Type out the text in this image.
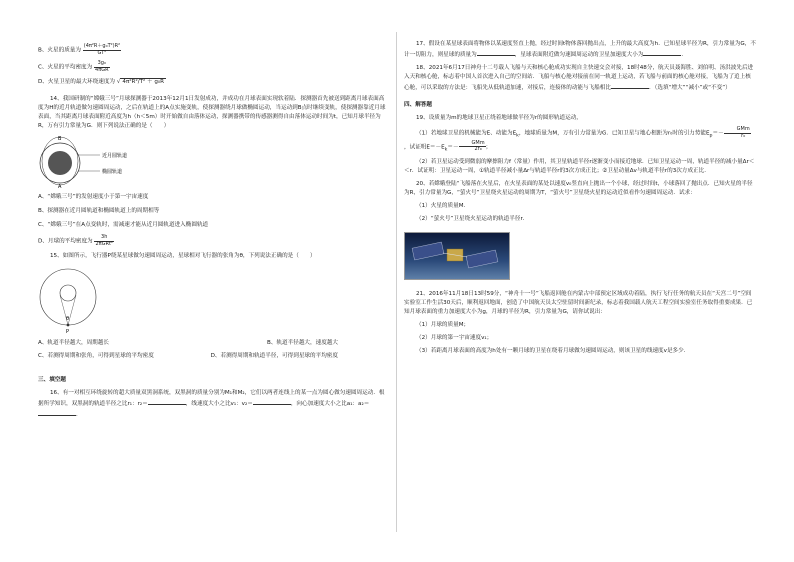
B、火星的质量为 $\frac{\text{(4π²R＋g₀T²)R²}}{\text{GT²}}$

C、火星的平均密度为 $\frac{\text{3g₀}}{\text{4πGR}}$

D、火星卫星的最大环绕速度为 √ 4π²R²/T² ＋ g₀R

14、我国研制的“嫦娥三号”月球探测器于2013年12月1日发射成功，并成功在月球表面实现软着陆．探测器首先被送到距离月球表面高度为H的近月轨道做匀速圆周运动，之后在轨道上的A点实施变轨，使探测器绕月球做椭圆运动，当运动到B点时继续变轨，使探测器靠近月球表面，当其距离月球表面附近高度为h（h＜5m）时开始做自由落体运动，探测器携带的传感器测得自由落体运动时间为t，已知月球半径为R，万有引力常量为G．则下列说法正确的是（　　）

近月圆轨道
椭圆轨道
B
A

A、“嫦娥三号”的发射速度小于第一宇宙速度

B、探测器在近月圆轨道和椭圆轨道上的周期相等

C、“嫦娥三号”在A点变轨时，需减速才能从近月圆轨道进入椭圆轨道

D、月球的平均密度为 $\frac{3h}{\text{2πGRt²}}$

15、如图所示，飞行器P绕某星球做匀速圆周运动，星球相对飞行器的张角为θ，下列说法正确的是（　　）

θ
P
A、轨道半径越大，周期越长	B、轨道半径越大，速度越大
C、若测得周期和张角，可得到星球的平均密度	D、若测得周期和轨道半径，可得到星球的平均密度

三、填空题

16、有一对相互环绕旋转的超大质量双黑洞系统，双黑洞的质量分别为M₁和M₂，它们以两者连线上的某一点为圆心做匀速圆周运动．根据所学知识，双黑洞的轨道半径之比r₁：r₂＝	，线速度大小之比v₁：v₂＝	，向心加速度大小之比a₁：a₂＝．

17、假设在某星球表面将物体以某速度竖直上抛，经过时间t物体落回抛出点，上升的最大高度为h．已知星球半径为R，引力常量为G，不计一切阻力，则星球的质量为	，星球表面附近做匀速圆周运动的卫星加速度大小为	．

18、2021年6月17日神舟十二号载人飞船与天和核心舱成功实现自主快速交会对接，18时48分，航天员聂海胜、刘伯明、汤洪波先后进入天和核心舱，标志着中国人首次进入自己的空间站．飞船与核心舱对接前在同一轨道上运动，若飞船与前面的核心舱对接，飞船为了追上核心舱，可以采取的方法是：飞船先从低轨道加速，对接后，连接体的动能与飞船相比	．（选填“增大”“减小”或“不变”）

四、解答题

19、设质量为m的地球卫星正绕着地球做半径为r的圆形轨道运动，

（1）若地球卫星的机械能为E、动能为$E_k$，地球质量为M，万有引力常量为G．已知卫星与地心相距为r₀时的引力势能$E_p=- \frac{\text{GMm}}{\text{r₀}}$
，试证明$E=-E_k=- \frac{\text{GMm}}{\text{2r₀}}$ ；

（2）若卫星运动受到微弱的摩擦阻力f（常量）作用，其卫星轨道半径r逐渐变小而接近地球．已知卫星运动一周，轨道半径的减小量Δr＜＜r．试证明：卫星运动一周，①轨道半径减小量Δr与轨道半径r的3次方成正比；②卫星动量Δv与轨道半径r的3次方成正比．

20、若嫦娥登陆“飞船落在火星后，在火星表面的某处以速度v₀竖直向上抛出一个小球，经过时间t，小球落回了抛出点．已知火星的半径为R，引力常量为G，“萤火号”卫星绕火星运动的周期为T，“萤火号”卫星绕火星的运动近似看作匀速圆周运动．试求：

（1）火星的质量M．

（2）“萤火号”卫星绕火星运动的轨道半径r．

21、2016年11月18日13时59分，“神舟十一号”飞船返回舱在内蒙古中部预定区域成功着陆，执行飞行任务的航天员在“天宫二号”空间实验室工作生活30天后，顺利返回地面，创造了中国航天员太空驻留时间新纪录，标志着我国载人航天工程空间实验室任务取得重要成果．已知月球表面的重力加速度大小为g，月球的半径为R，引力常量为G，请你试说出：

（1）月球的质量M；

（2）月球的第一宇宙速度v₁；

（3）若距离月球表面的高度为h处有一颗月球的卫星在绕着月球做匀速圆周运动，则该卫星的线速度v是多少．
